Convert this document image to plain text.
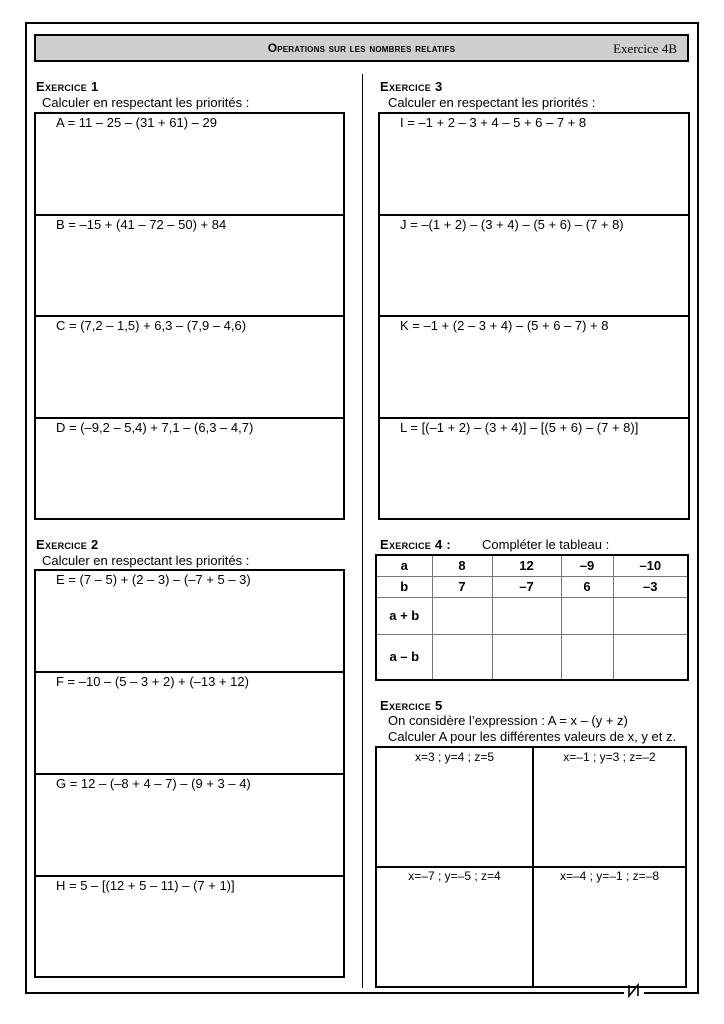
Operations sur les nombres relatifs	Exercice 4B
Exercice 1
Calculer en respectant les priorités :
A = 11 – 25 – (31 + 61) – 29
B = –15 + (41 – 72 – 50) + 84
C = (7,2 – 1,5) + 6,3 – (7,9 – 4,6)
D = (–9,2 – 5,4) + 7,1 – (6,3 – 4,7)
Exercice 2
Calculer en respectant les priorités :
E = (7 – 5) + (2 – 3) – (–7 + 5 – 3)
F = –10 – (5 – 3 + 2) + (–13 + 12)
G = 12 – (–8 + 4 – 7) – (9 + 3 – 4)
H = 5 – [(12 + 5 – 11) – (7 + 1)]
Exercice 3
Calculer en respectant les priorités :
I = –1 + 2 – 3 + 4 – 5 + 6 – 7 + 8
J = –(1 + 2) – (3 + 4) – (5 + 6) – (7 + 8)
K = –1 + (2 – 3 + 4) – (5 + 6 – 7) + 8
L = [(–1 + 2) – (3 + 4)] – [(5 + 6) – (7 + 8)]
Exercice 4 : Compléter le tableau :
a	8	12	–9	–10
b	7	–7	6	–3
a + b				
a – b				
Exercice 5
On considère l’expression : A = x – (y + z)
Calculer A pour les différentes valeurs de x, y et z.
x=3 ; y=4 ; z=5	x=–1 ; y=3 ; z=–2
x=–7 ; y=–5 ; z=4	x=–4 ; y=–1 ; z=–8
